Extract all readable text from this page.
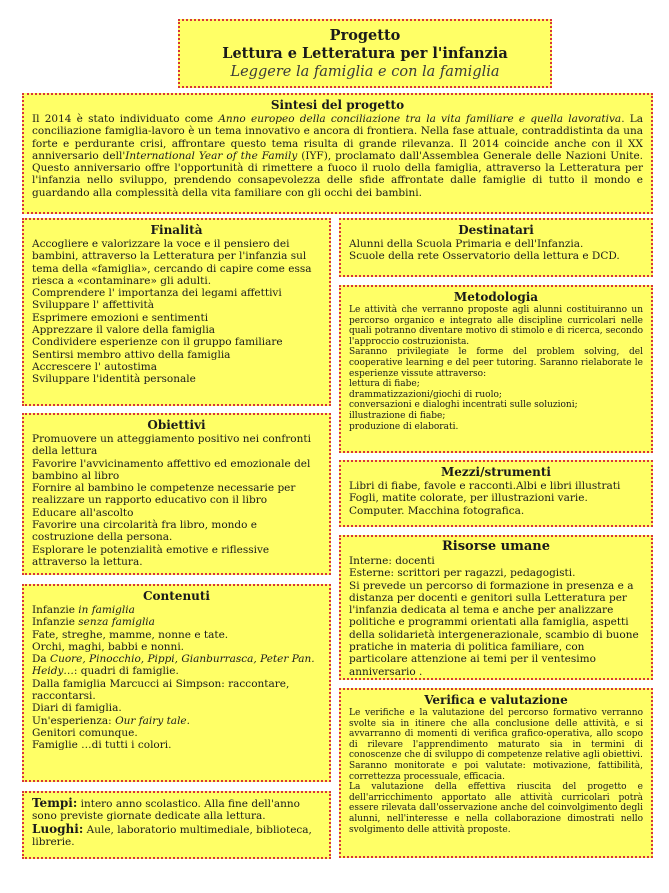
Progetto
Lettura e Letteratura per l'infanzia
Leggere la famiglia e con la famiglia
Sintesi del progetto
Il 2014 è stato individuato come Anno europeo della conciliazione tra la vita familiare e quella lavorativa. La conciliazione famiglia-lavoro è un tema innovativo e ancora di frontiera. Nella fase attuale, contraddistinta da una forte e perdurante crisi, affrontare questo tema risulta di grande rilevanza. Il 2014 coincide anche con il XX anniversario dell'International Year of the Family (IYF), proclamato dall'Assemblea Generale delle Nazioni Unite. Questo anniversario offre l'opportunità di rimettere a fuoco il ruolo della famiglia, attraverso la Letteratura per l'infanzia nello sviluppo, prendendo consapevolezza delle sfide affrontate dalle famiglie di tutto il mondo e guardando alla complessità della vita familiare con gli occhi dei bambini.
Finalità
Accogliere e valorizzare la voce e il pensiero dei bambini, attraverso la Letteratura per l'infanzia sul tema della «famiglia», cercando di capire come essa riesca a «contaminare» gli adulti.
Comprendere l' importanza dei legami affettivi
Sviluppare l' affettività
Esprimere emozioni e sentimenti
Apprezzare il valore della famiglia
Condividere esperienze con il gruppo familiare
Sentirsi membro attivo della famiglia
Accrescere l' autostima
Sviluppare l'identità personale
Obiettivi
Promuovere un atteggiamento positivo nei confronti della lettura
Favorire l'avvicinamento affettivo ed emozionale del bambino al libro
Fornire al bambino le competenze necessarie per realizzare un rapporto educativo con il libro
Educare all'ascolto
Favorire una circolarità fra libro, mondo e costruzione della persona.
Esplorare le potenzialità emotive e riflessive attraverso la lettura.
Contenuti
Infanzie in famiglia
Infanzie senza famiglia
Fate, streghe, mamme, nonne e tate.
Orchi, maghi, babbi e nonni.
Da Cuore, Pinocchio, Pippi, Gianburrasca, Peter Pan. Heidy…: quadri di famiglie.
Dalla famiglia Marcucci ai Simpson: raccontare, raccontarsi.
Diari di famiglia.
Un'esperienza: Our fairy tale.
Genitori comunque.
Famiglie …di tutti i colori.
Tempi: intero anno scolastico. Alla fine dell'anno sono previste giornate dedicate alla lettura.
Luoghi: Aule, laboratorio multimediale, biblioteca, librerie.
Destinatari
Alunni della Scuola Primaria e dell'Infanzia.
Scuole della rete Osservatorio della lettura e DCD.
Metodologia
Le attività che verranno proposte agli alunni costituiranno un percorso organico e integrato alle discipline curricolari nelle quali potranno diventare motivo di stimolo e di ricerca, secondo l'approccio costruzionista.
Saranno privilegiate le forme del problem solving, del cooperative learning e del peer tutoring. Saranno rielaborate le esperienze vissute attraverso:
lettura di fiabe;
drammatizzazioni/giochi di ruolo;
conversazioni e dialoghi incentrati sulle soluzioni;
illustrazione di fiabe;
produzione di elaborati.
Mezzi/strumenti
Libri di fiabe, favole e racconti.Albi e libri illustrati
Fogli, matite colorate, per illustrazioni varie.
Computer. Macchina fotografica.
Risorse umane
Interne: docenti
Esterne: scrittori per ragazzi, pedagogisti.
Si prevede un percorso di formazione in presenza e a distanza per docenti e genitori sulla Letteratura per l'infanzia dedicata al tema e anche per analizzare politiche e programmi orientati alla famiglia, aspetti della solidarietà intergenerazionale, scambio di buone pratiche in materia di politica familiare, con particolare attenzione ai temi per il ventesimo anniversario .
Verifica e valutazione
Le verifiche e la valutazione del percorso formativo verranno svolte sia in itinere che alla conclusione delle attività, e si avvarranno di momenti di verifica grafico-operativa, allo scopo di rilevare l'apprendimento maturato sia in termini di conoscenze che di sviluppo di competenze relative agli obiettivi.
Saranno monitorate e poi valutate: motivazione, fattibilità, correttezza processuale, efficacia.
La valutazione della effettiva riuscita del progetto e dell'arricchimento apportato alle attività curricolari potrà essere rilevata dall'osservazione anche del coinvolgimento degli alunni, nell'interesse e nella collaborazione dimostrati nello svolgimento delle attività proposte.
